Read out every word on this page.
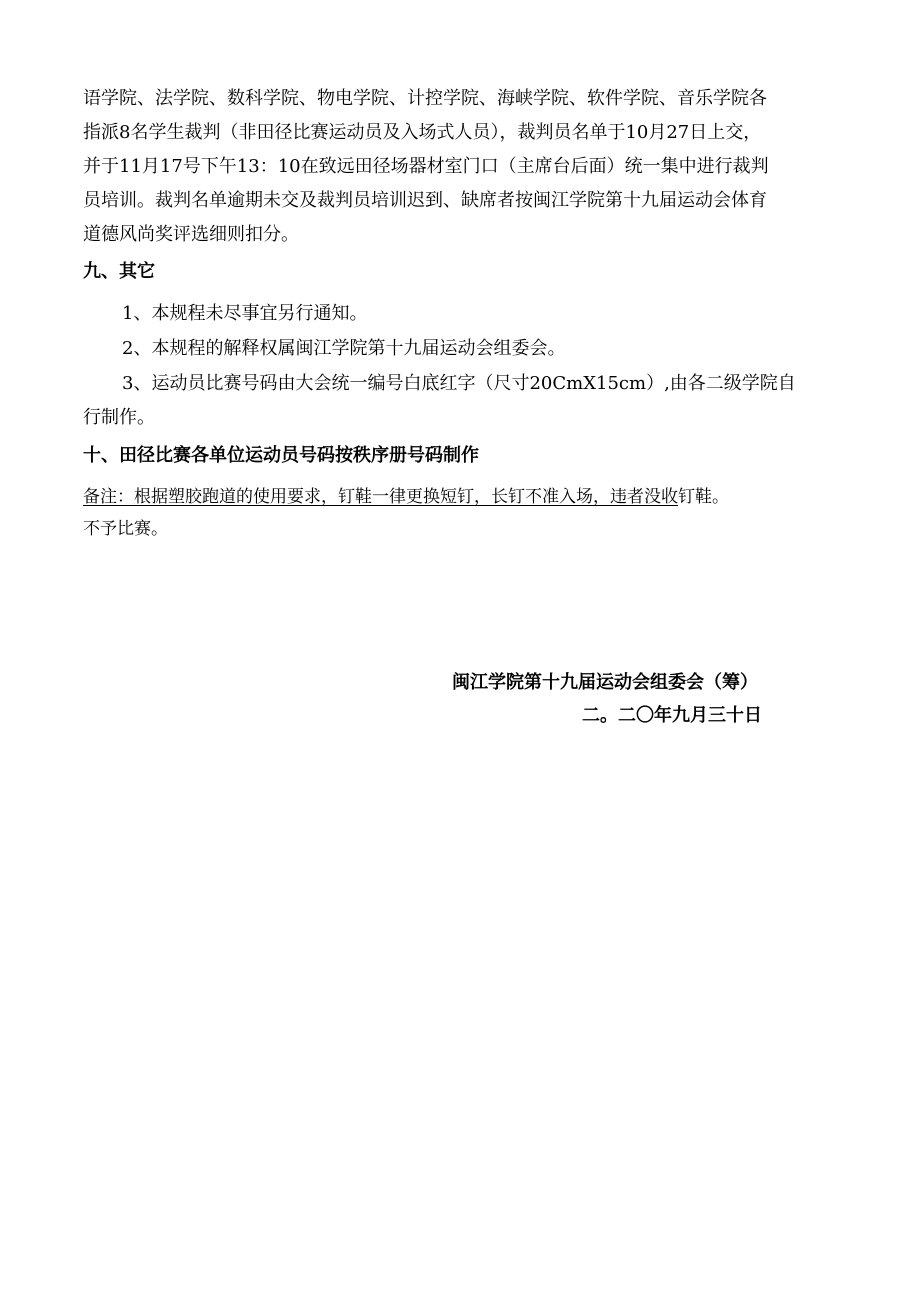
语学院、法学院、数科学院、物电学院、计控学院、海峡学院、软件学院、音乐学院各
指派8名学生裁判（非田径比赛运动员及入场式人员），裁判员名单于10月27日上交，
并于11月17号下午13：10在致远田径场器材室门口（主席台后面）统一集中进行裁判
员培训。裁判名单逾期未交及裁判员培训迟到、缺席者按闽江学院第十九届运动会体育
道德风尚奖评选细则扣分。
九、其它
1、本规程未尽事宜另行通知。
2、本规程的解释权属闽江学院第十九届运动会组委会。
3、运动员比赛号码由大会统一编号白底红字（尺寸20CmX15cm）,由各二级学院自
行制作。
十、田径比赛各单位运动员号码按秩序册号码制作
备注：根据塑胶跑道的使用要求，钉鞋一律更换短钉，长钉不准入场，违者没收钉鞋。
不予比赛。
闽江学院第十九届运动会组委会（筹）
二。二〇年九月三十日
